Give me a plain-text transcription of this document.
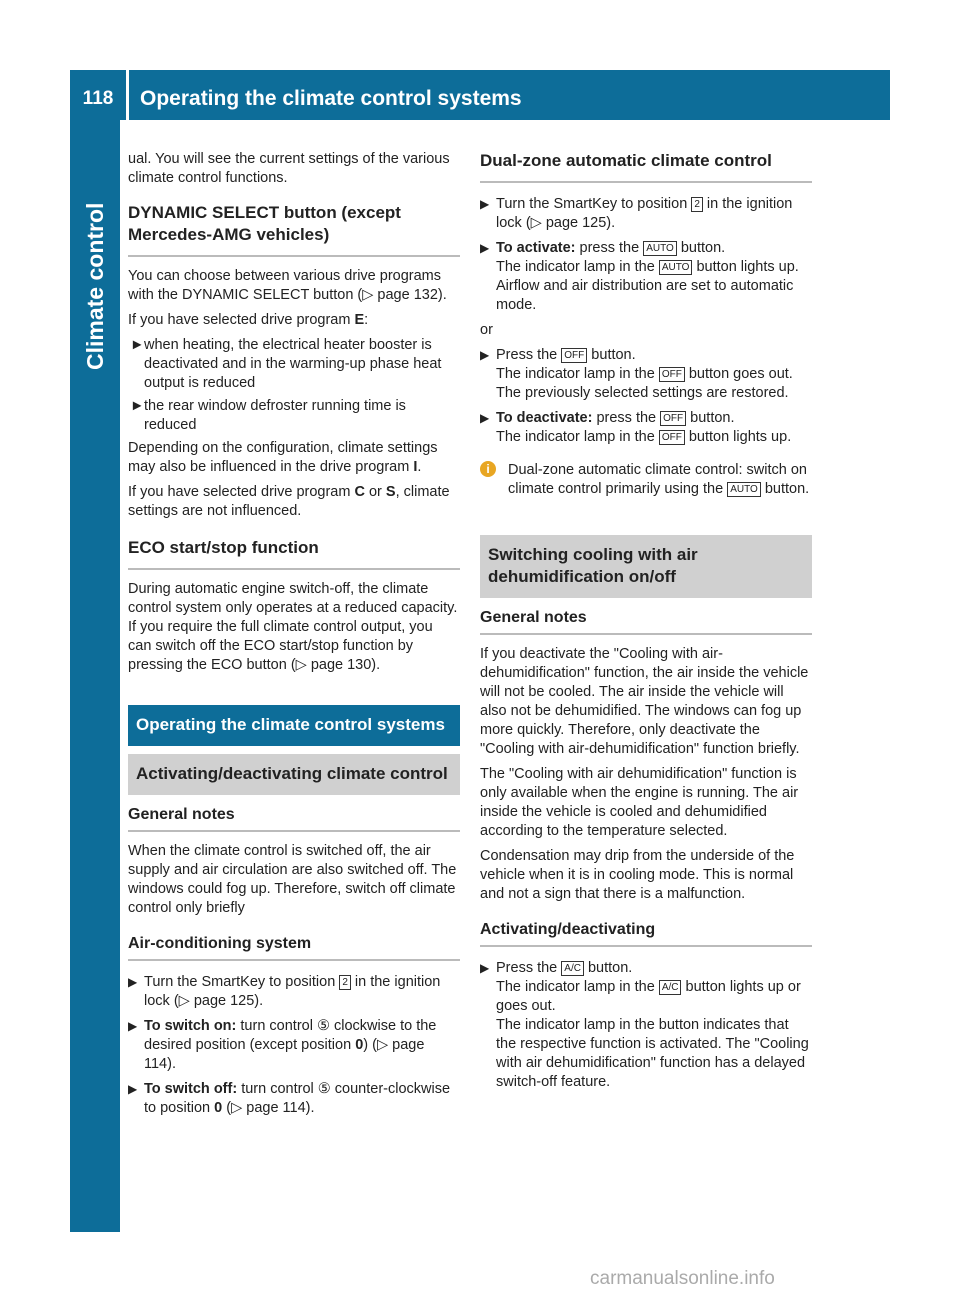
118	Operating the climate control systems
Climate control

ual. You will see the current settings of the various climate control functions.

DYNAMIC SELECT button (except Mercedes-AMG vehicles)

You can choose between various drive programs with the DYNAMIC SELECT button (▷ page 132).

If you have selected drive program E:

► when heating, the electrical heater booster is deactivated and in the warming-up phase heat output is reduced
► the rear window defroster running time is reduced

Depending on the configuration, climate settings may also be influenced in the drive program I.

If you have selected drive program C or S, climate settings are not influenced.

ECO start/stop function

During automatic engine switch-off, the climate control system only operates at a reduced capacity. If you require the full climate control output, you can switch off the ECO start/stop function by pressing the ECO button (▷ page 130).

Operating the climate control systems
Activating/deactivating climate control
General notes

When the climate control is switched off, the air supply and air circulation are also switched off. The windows could fog up. Therefore, switch off climate control only briefly

Air-conditioning system
▶ Turn the SmartKey to position 2 in the ignition lock (▷ page 125).
▶ To switch on: turn control ⑤ clockwise to the desired position (except position 0) (▷ page 114).
▶ To switch off: turn control ⑤ counter-clockwise to position 0 (▷ page 114).
Dual-zone automatic climate control
▶ Turn the SmartKey to position 2 in the ignition lock (▷ page 125).
▶ To activate: press the AUTO button.
The indicator lamp in the AUTO button lights up. Airflow and air distribution are set to automatic mode.

or

▶ Press the OFF button.
The indicator lamp in the OFF button goes out. The previously selected settings are restored.
▶ To deactivate: press the OFF button.
The indicator lamp in the OFF button lights up.
i	Dual-zone automatic climate control: switch on climate control primarily using the AUTO button.
Switching cooling with air dehumidification on/off
General notes

If you deactivate the "Cooling with air-dehumidification" function, the air inside the vehicle will not be cooled. The air inside the vehicle will also not be dehumidified. The windows can fog up more quickly. Therefore, only deactivate the "Cooling with air-dehumidification" function briefly.

The "Cooling with air dehumidification" function is only available when the engine is running. The air inside the vehicle is cooled and dehumidified according to the temperature selected.

Condensation may drip from the underside of the vehicle when it is in cooling mode. This is normal and not a sign that there is a malfunction.

Activating/deactivating
▶ Press the A/C button.
The indicator lamp in the A/C button lights up or goes out.
The indicator lamp in the button indicates that the respective function is activated. The "Cooling with air dehumidification" function has a delayed switch-off feature.
carmanualsonline.info
